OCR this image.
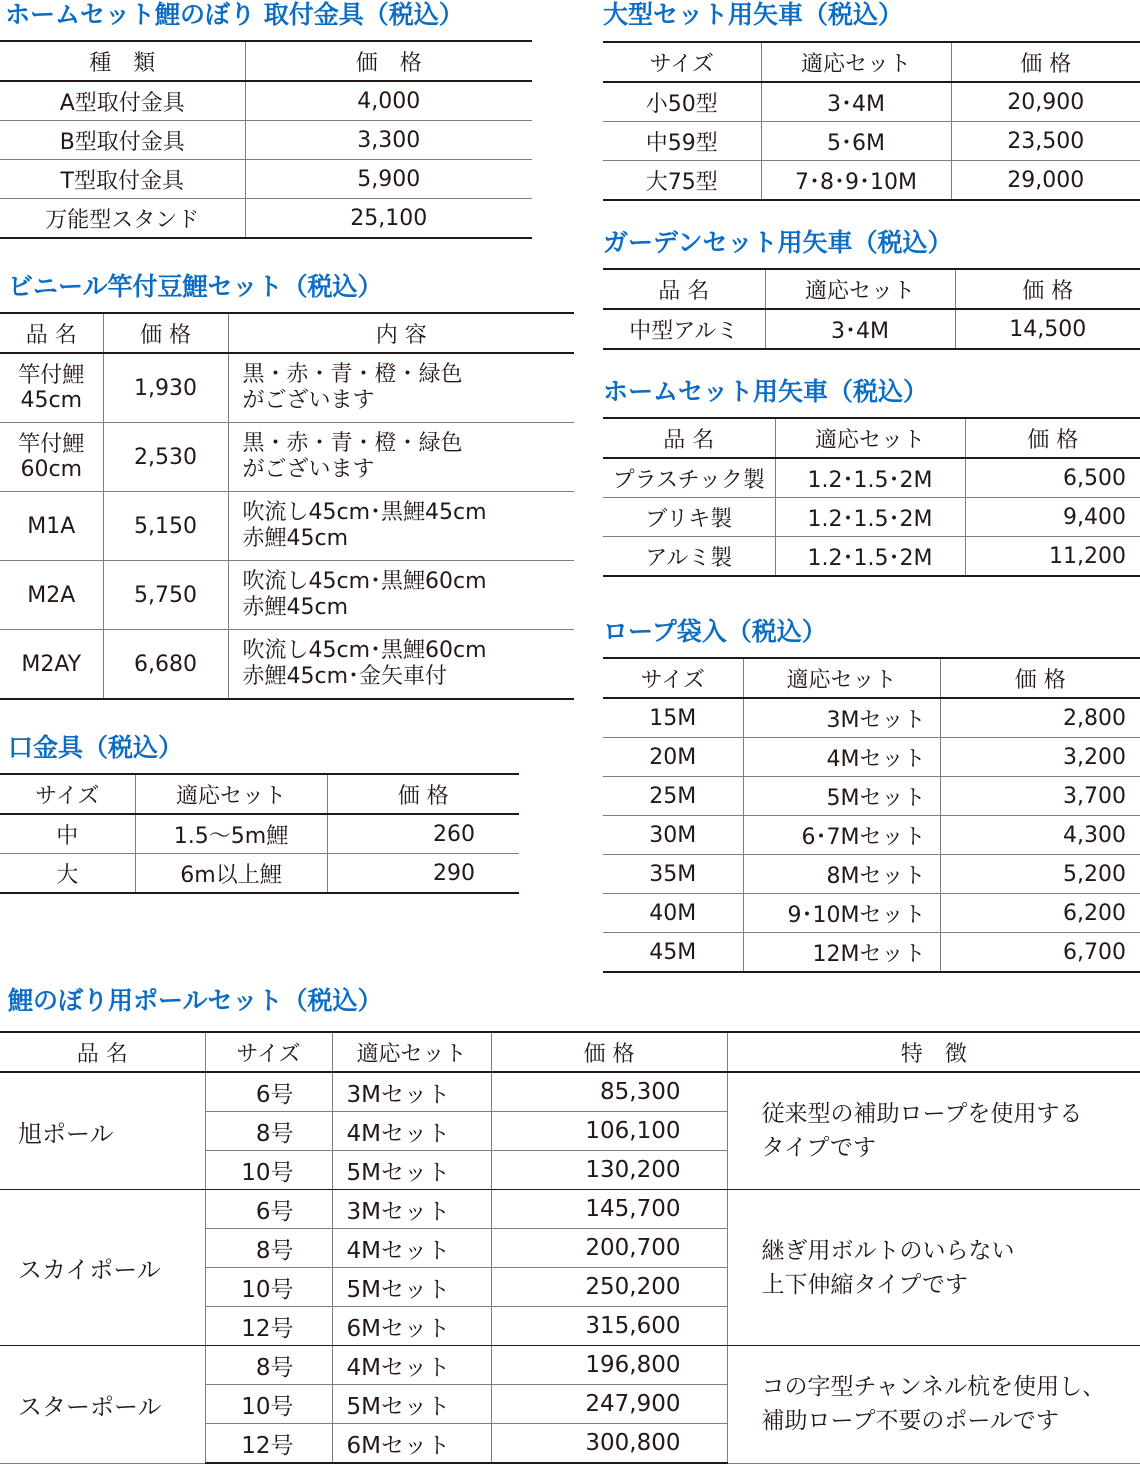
ホームセット鯉のぼり 取付金具（税込）
種　類	価　格
A型取付金具	4,000
B型取付金具	3,300
T型取付金具	5,900
万能型スタンド	25,100
大型セット用矢車（税込）
サイズ	適応セット	価 格
小50型	3･4M	20,900
中59型	5･6M	23,500
大75型	7･8･9･10M	29,000
ガーデンセット用矢車（税込）
品 名	適応セット	価 格
中型アルミ	3･4M	14,500
ビニール竿付豆鯉セット（税込）
品 名	価 格	内 容
竿付鯉
45cm	1,930	黒・赤・青・橙・緑色
がございます
竿付鯉
60cm	2,530	黒・赤・青・橙・緑色
がございます
M1A	5,150	吹流し45cm･黒鯉45cm
赤鯉45cm
M2A	5,750	吹流し45cm･黒鯉60cm
赤鯉45cm
M2AY	6,680	吹流し45cm･黒鯉60cm
赤鯉45cm･金矢車付
ホームセット用矢車（税込）
品 名	適応セット	価 格
プラスチック製	1.2･1.5･2M	6,500
ブリキ製	1.2･1.5･2M	9,400
アルミ製	1.2･1.5･2M	11,200
ロープ袋入（税込）
サイズ	適応セット	価 格
15M	3Mセット	2,800
20M	4Mセット	3,200
25M	5Mセット	3,700
30M	6･7Mセット	4,300
35M	8Mセット	5,200
40M	9･10Mセット	6,200
45M	12Mセット	6,700
口金具（税込）
サイズ	適応セット	価 格
中	1.5〜5m鯉	260
大	6m以上鯉	290
鯉のぼり用ポールセット（税込）
品 名	サイズ	適応セット	価 格	特　徴
旭ポール	6号	3Mセット	85,300	従来型の補助ロープを使用する
タイプです
	8号	4Mセット	106,100	
	10号	5Mセット	130,200	
スカイポール	6号	3Mセット	145,700	継ぎ用ボルトのいらない
上下伸縮タイプです
	8号	4Mセット	200,700	
	10号	5Mセット	250,200	
	12号	6Mセット	315,600	
スターポール	8号	4Mセット	196,800	コの字型チャンネル杭を使用し、
補助ロープ不要のポールです
	10号	5Mセット	247,900	
	12号	6Mセット	300,800	
